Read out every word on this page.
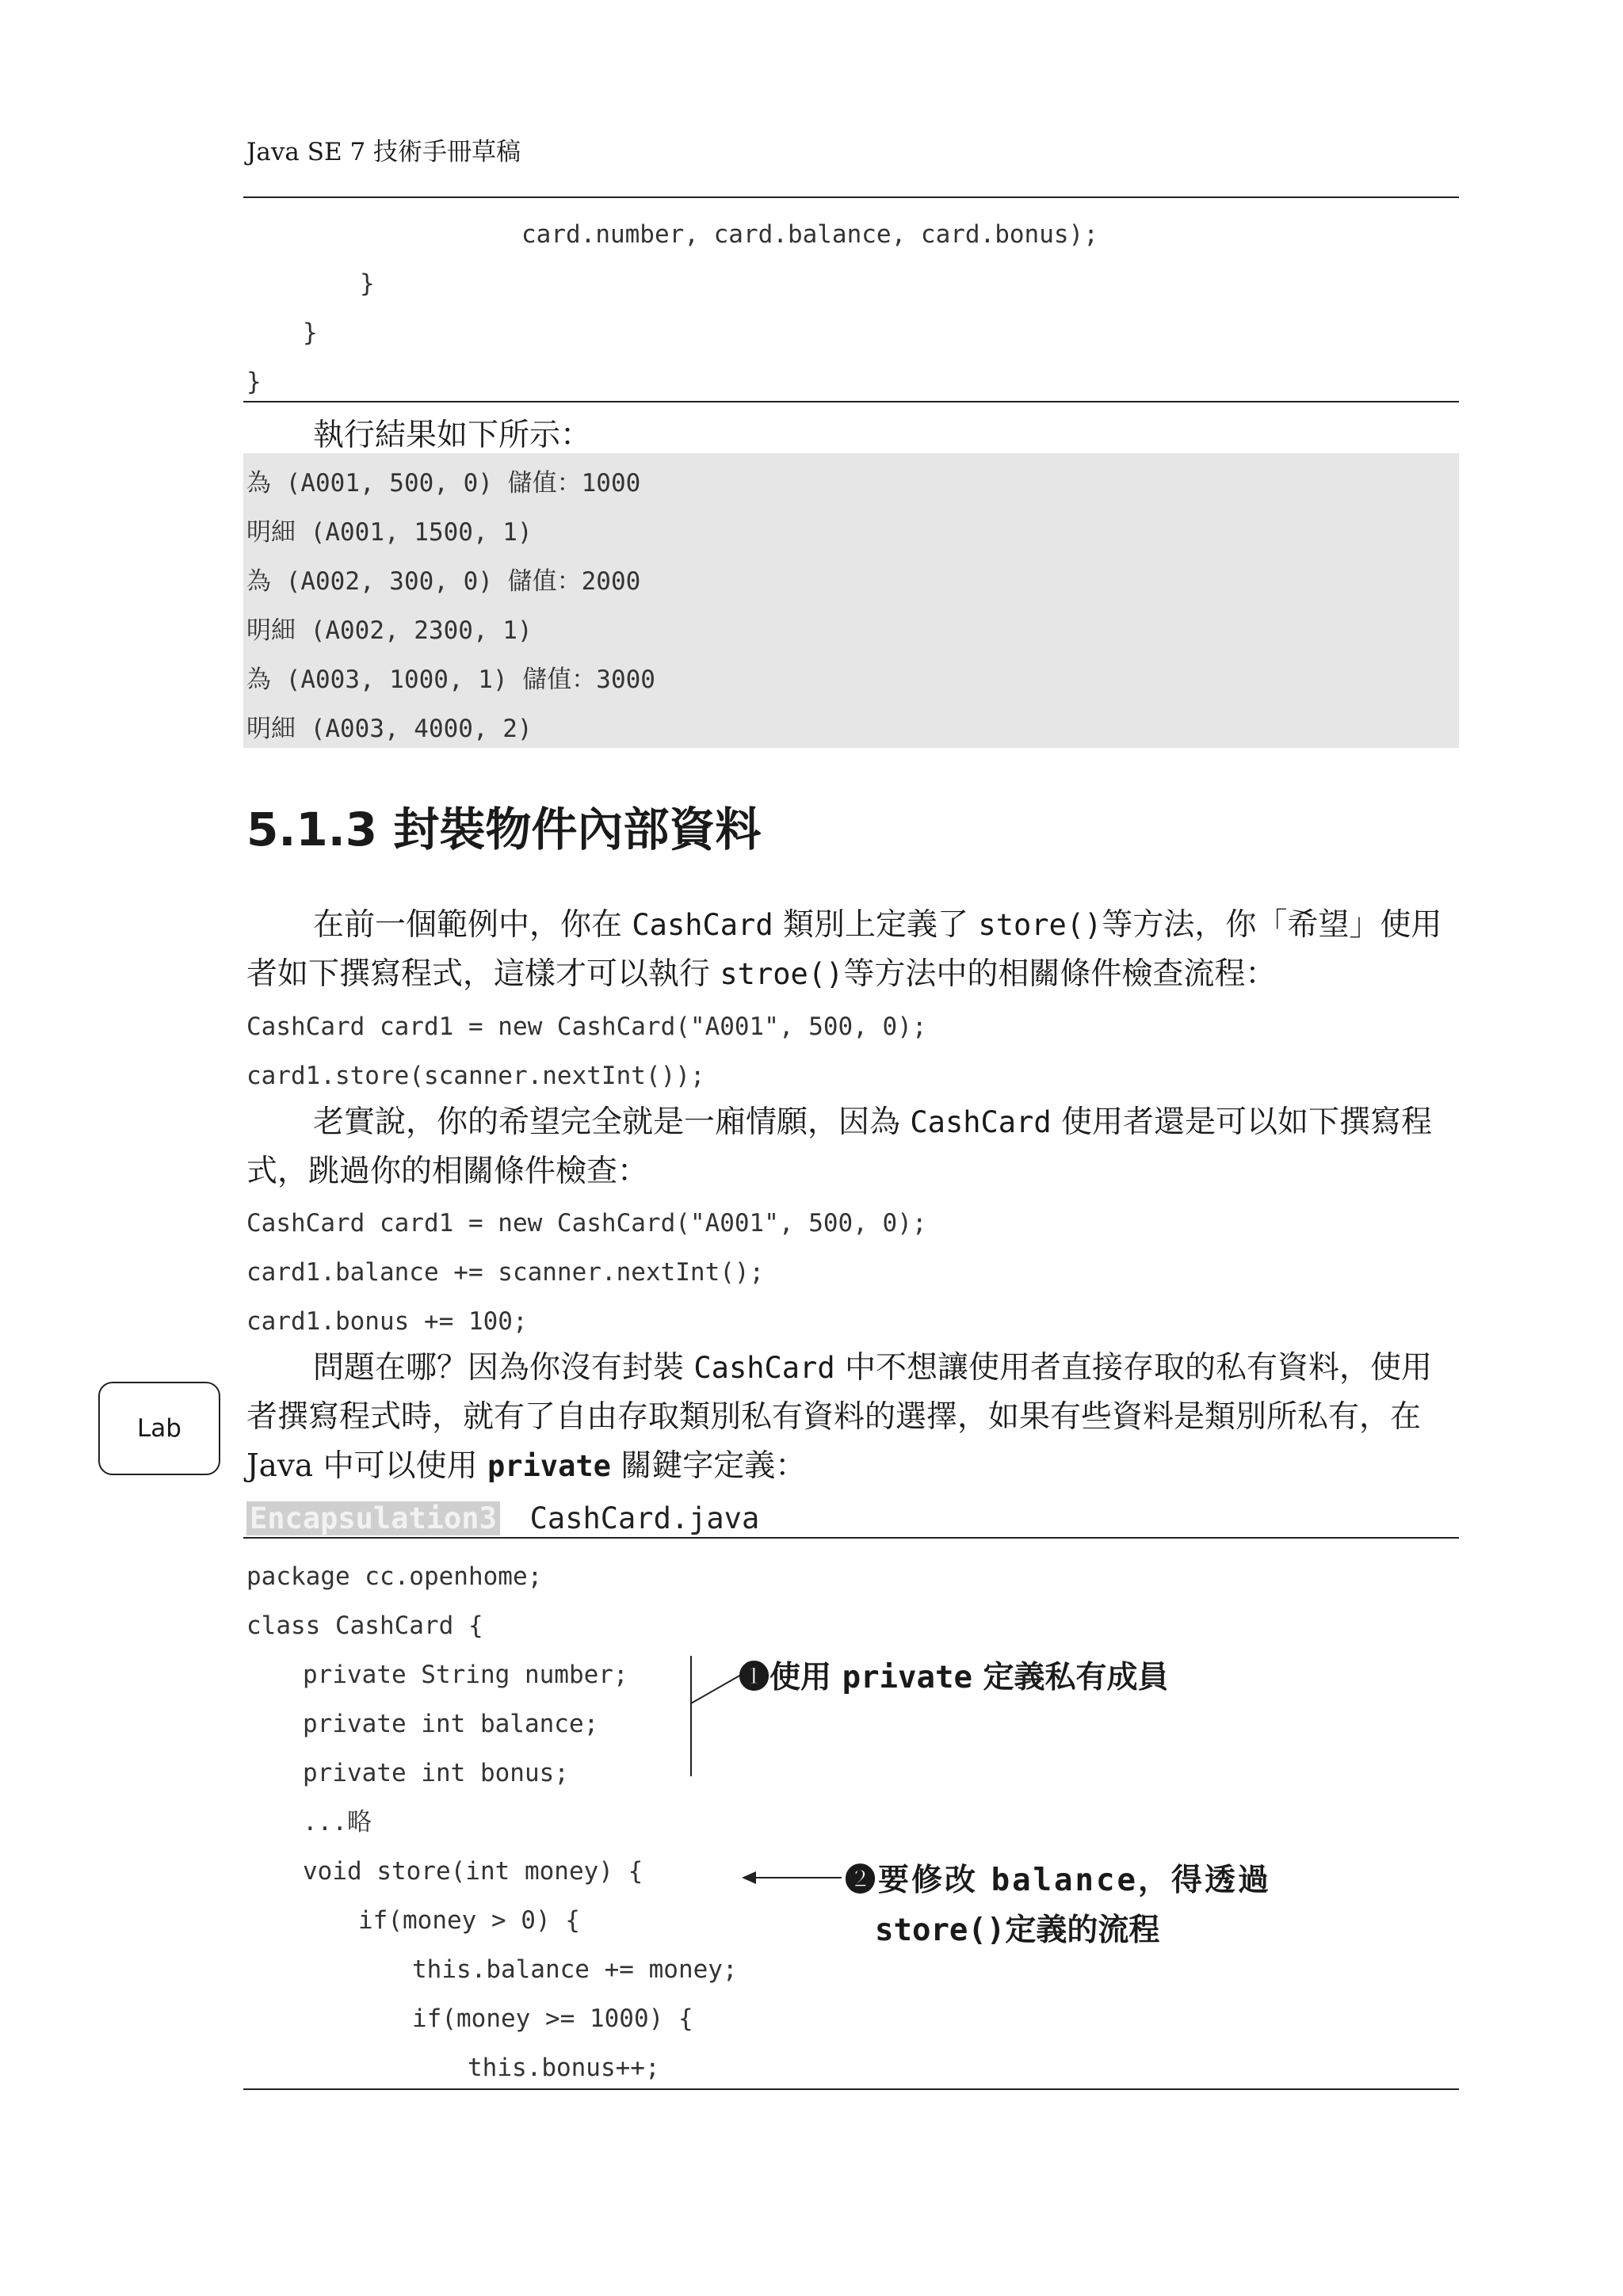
Java SE 7 技術手冊草稿
card.number, card.balance, card.bonus);
}
}
}
執行結果如下所示：
為 (A001, 500, 0) 儲值：1000
明細 (A001, 1500, 1)
為 (A002, 300, 0) 儲值：2000
明細 (A002, 2300, 1)
為 (A003, 1000, 1) 儲值：3000
明細 (A003, 4000, 2)
5.1.3 封裝物件內部資料
在前一個範例中，你在 CashCard 類別上定義了 store()等方法，你「希望」使用者如下撰寫程式，這樣才可以執行 stroe()等方法中的相關條件檢查流程：
CashCard card1 = new CashCard("A001", 500, 0);
card1.store(scanner.nextInt());
老實說，你的希望完全就是一廂情願，因為 CashCard 使用者還是可以如下撰寫程式，跳過你的相關條件檢查：
CashCard card1 = new CashCard("A001", 500, 0);
card1.balance += scanner.nextInt();
card1.bonus += 100;
問題在哪？因為你沒有封裝 CashCard 中不想讓使用者直接存取的私有資料，使用者撰寫程式時，就有了自由存取類別私有資料的選擇，如果有些資料是類別所私有，在 Java 中可以使用 private 關鍵字定義：
Lab
Encapsulation3 CashCard.java
package cc.openhome;
class CashCard {
private String number;
private int balance;
private int bonus;
...略
void store(int money) {
if(money > 0) {
this.balance += money;
if(money >= 1000) {
this.bonus++;
❶使用 private 定義私有成員
❷要修改 balance，得透過
store()定義的流程
